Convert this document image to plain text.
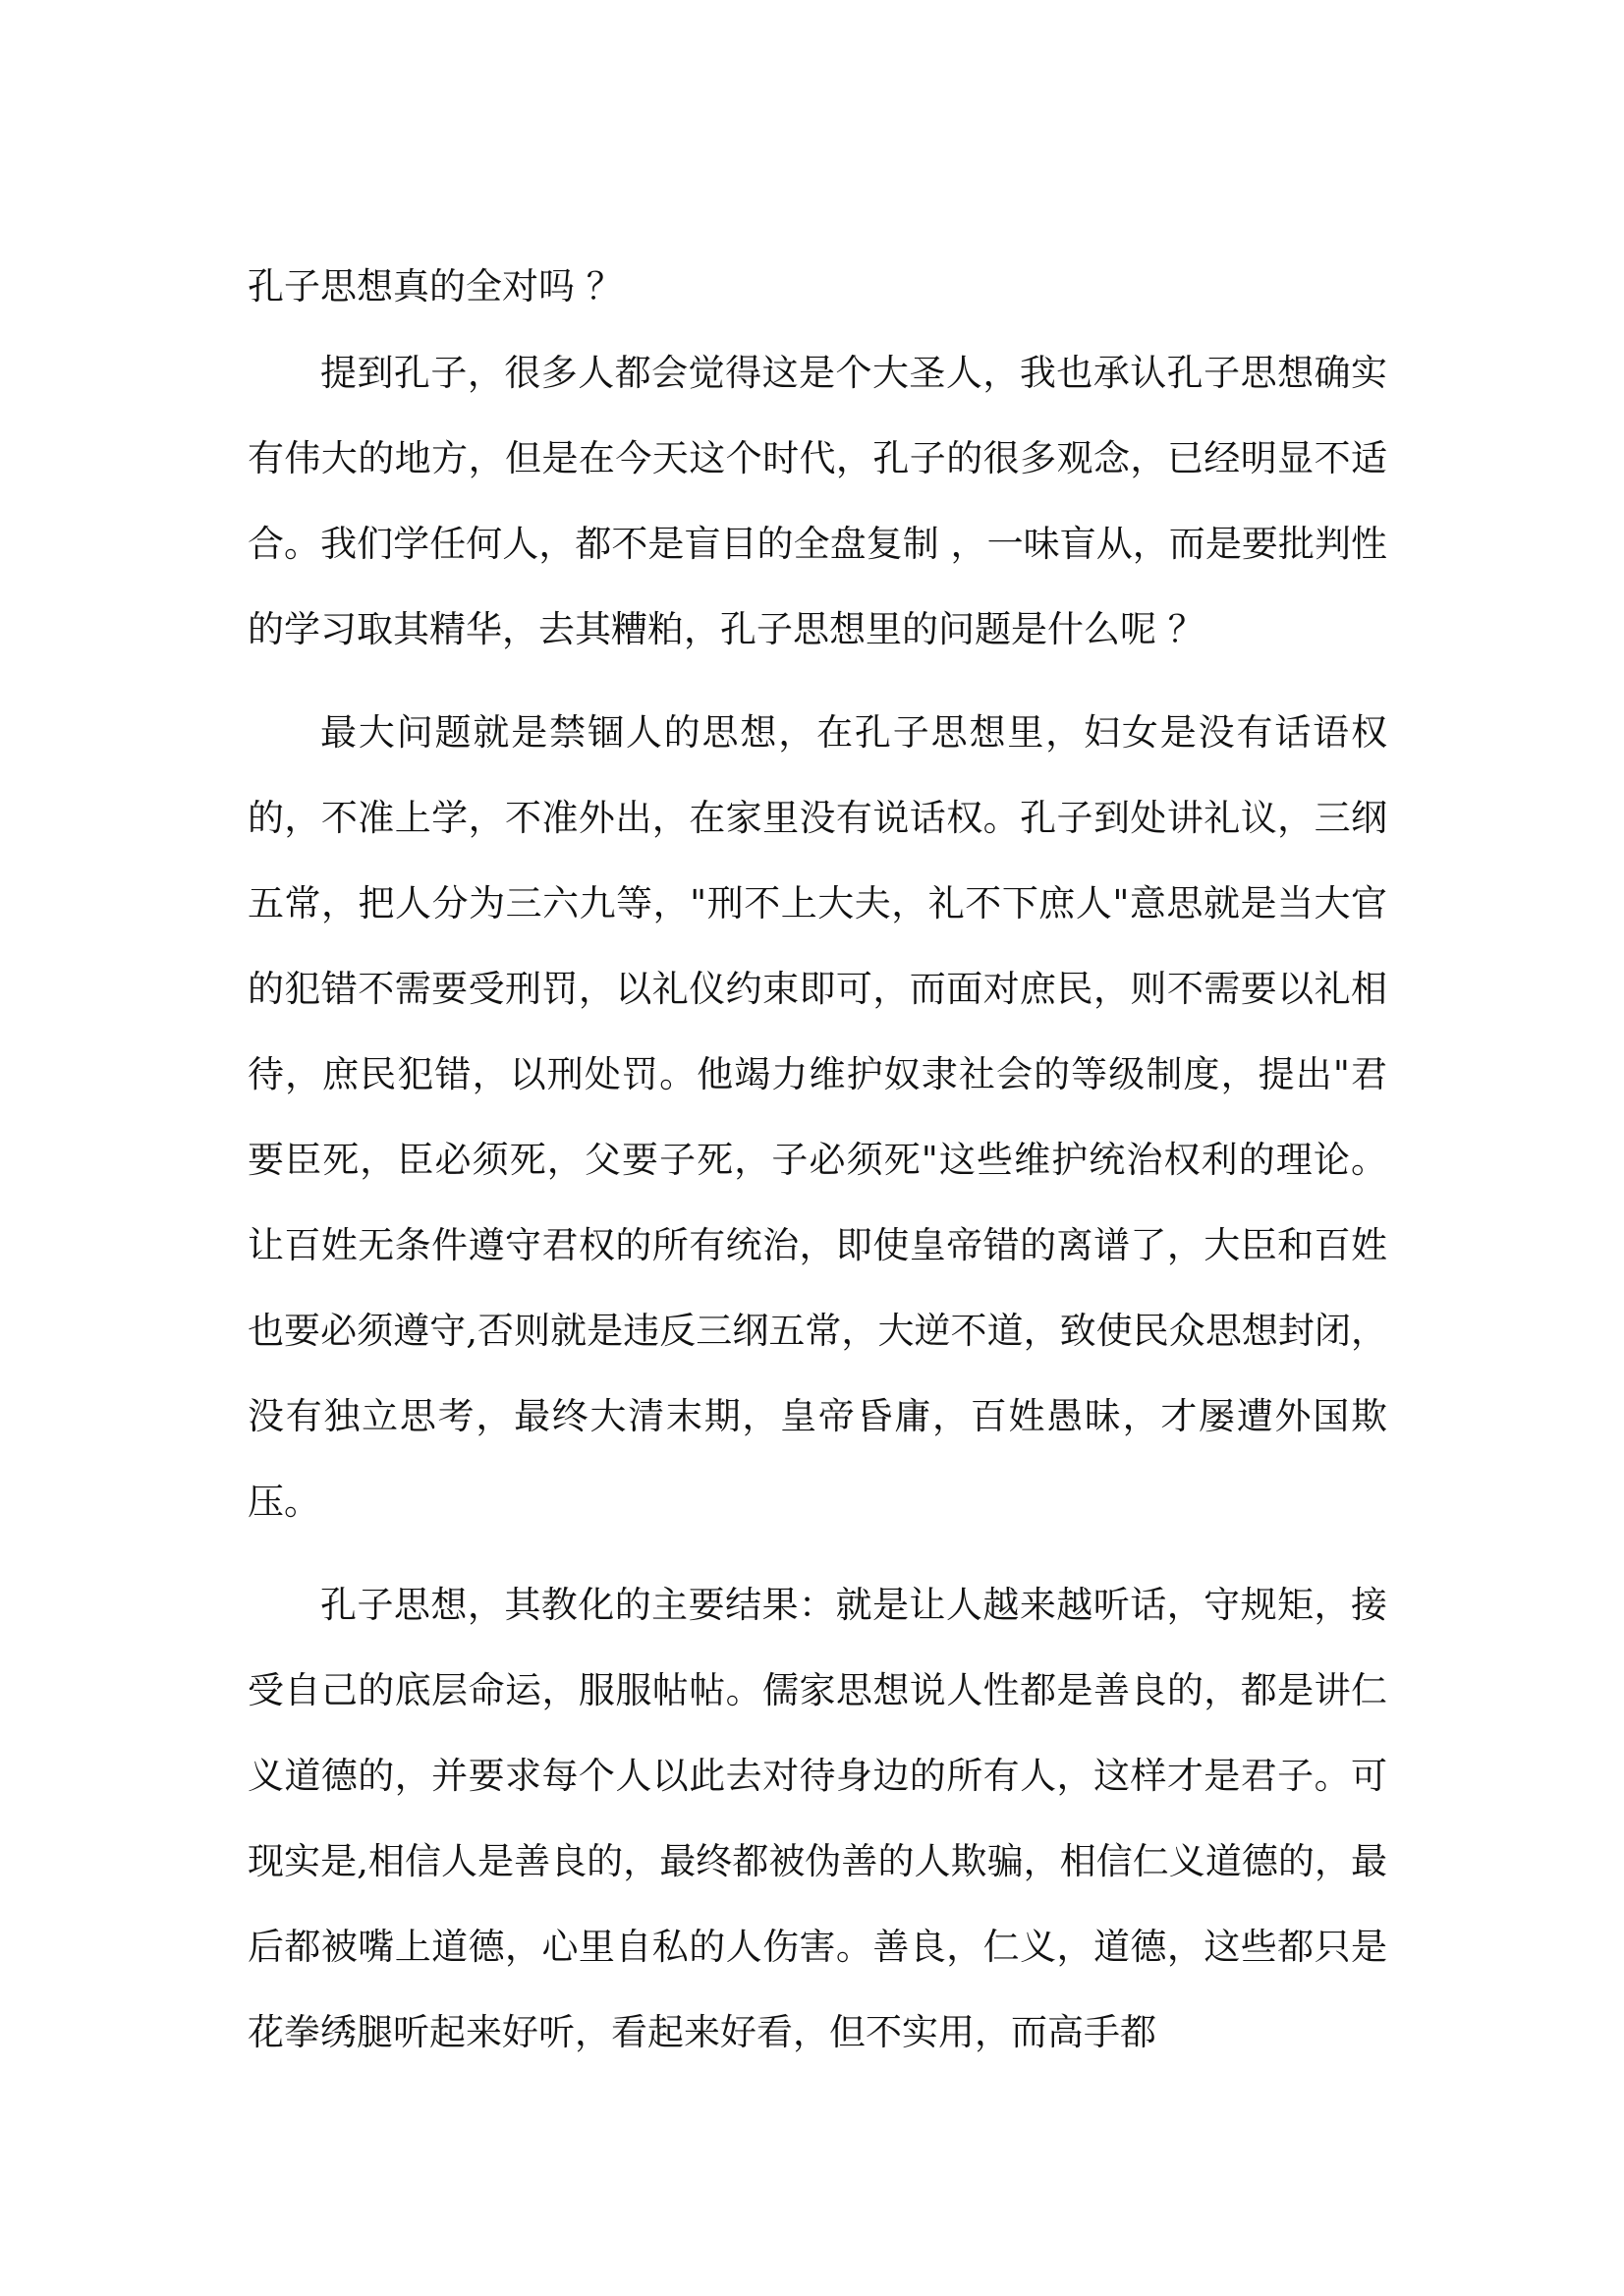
孔子思想真的全对吗 ？

提到孔子，很多人都会觉得这是个大圣人，我也承认孔子思想确实有伟大的地方，但是在今天这个时代，孔子的很多观念，已经明显不适合。我们学任何人，都不是盲目的全盘复制 ，一味盲从，而是要批判性的学习取其精华，去其糟粕，孔子思想里的问题是什么呢 ？

最大问题就是禁锢人的思想，在孔子思想里，妇女是没有话语权的，不准上学，不准外出，在家里没有说话权。孔子到处讲礼议，三纲五常，把人分为三六九等，"刑不上大夫，礼不下庶人"意思就是当大官的犯错不需要受刑罚，以礼仪约束即可，而面对庶民，则不需要以礼相待，庶民犯错，以刑处罚。他竭力维护奴隶社会的等级制度，提出"君要臣死，臣必须死，父要子死，子必须死"这些维护统治权利的理论。让百姓无条件遵守君权的所有统治，即使皇帝错的离谱了，大臣和百姓也要必须遵守,否则就是违反三纲五常，大逆不道，致使民众思想封闭，没有独立思考，最终大清末期，皇帝昏庸，百姓愚昧，才屡遭外国欺压。

孔子思想，其教化的主要结果：就是让人越来越听话，守规矩，接受自己的底层命运，服服帖帖。儒家思想说人性都是善良的，都是讲仁义道德的，并要求每个人以此去对待身边的所有人，这样才是君子。可现实是,相信人是善良的，最终都被伪善的人欺骗，相信仁义道德的，最后都被嘴上道德，心里自私的人伤害。善良，仁义，道德，这些都只是花拳绣腿听起来好听，看起来好看，但不实用，而高手都
